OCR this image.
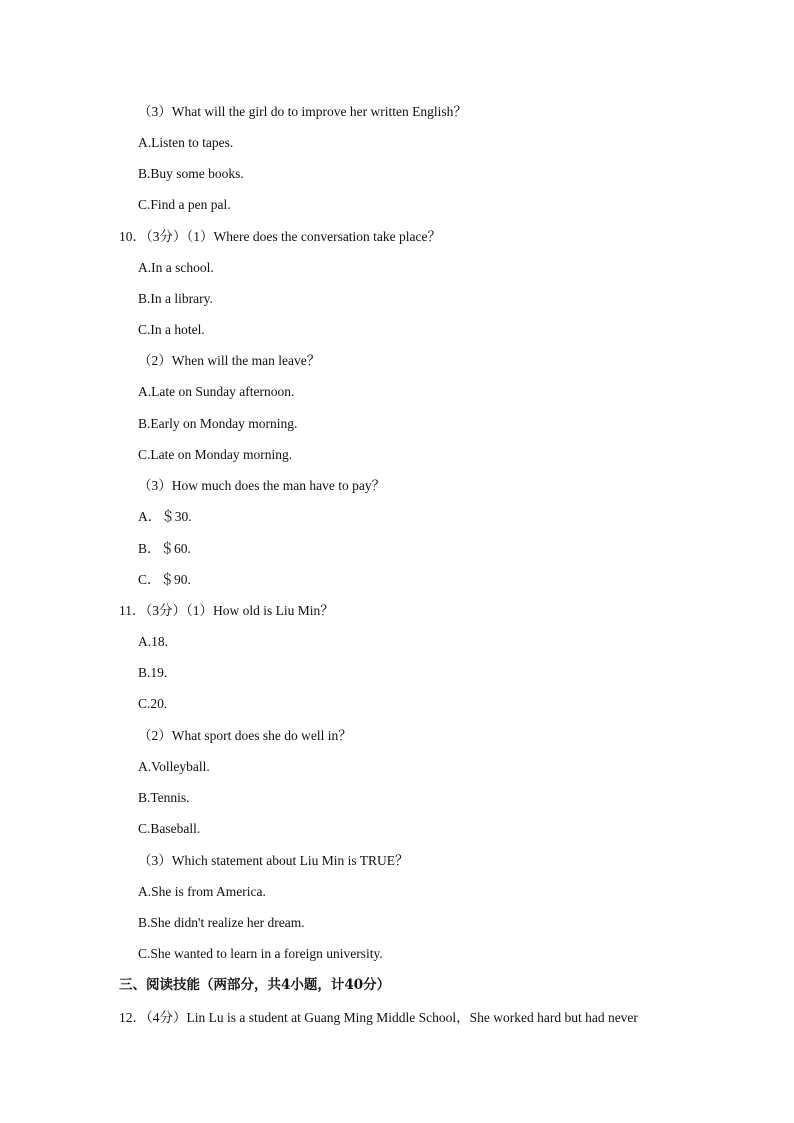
（3）What will the girl do to improve her written English？
A.Listen to tapes.
B.Buy some books.
C.Find a pen pal.
10．（3分）（1）Where does the conversation take place？
A.In a school.
B.In a library.
C.In a hotel.
（2）When will the man leave？
A.Late on Sunday afternoon.
B.Early on Monday morning.
C.Late on Monday morning.
（3）How much does the man have to pay？
A．＄30.
B．＄60.
C．＄90.
11．（3分）（1）How old is Liu Min？
A.18.
B.19.
C.20.
（2）What sport does she do well in？
A.Volleyball.
B.Tennis.
C.Baseball.
（3）Which statement about Liu Min is TRUE？
A.She is from America.
B.She didn't realize her dream.
C.She wanted to learn in a foreign university.
三、阅读技能（两部分，共4小题，计40分）
12．（4分）Lin Lu is a student at Guang Ming Middle School，She worked hard but had never
